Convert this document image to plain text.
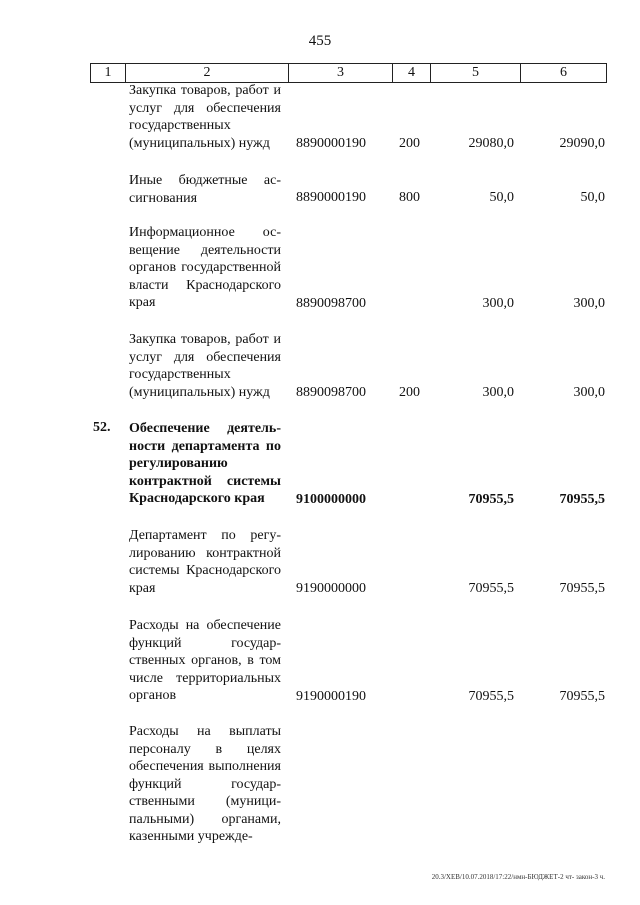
455
1	2	3	4	5	6
Закупка товаров, работ и услуг для обеспечения государственных (муниципальных) нужд	8890000190 200	29080,0	29090,0
Иные бюджетные ассигнования	8890000190 800	50,0	50,0
Информационное освещение деятельности органов государственной власти Краснодарского края	8890098700	300,0	300,0
Закупка товаров, работ и услуг для обеспечения государственных (муниципальных) нужд	8890098700 200	300,0	300,0
52.	Обеспечение деятельности департамента по регулированию контрактной системы Краснодарского края	9100000000	70955,5	70955,5
Департамент по регулированию контрактной системы Краснодарского края	9190000000	70955,5	70955,5
Расходы на обеспечение функций государственных органов, в том числе территориальных органов	9190000190	70955,5	70955,5
Расходы на выплаты персоналу в целях обеспечения выполнения функций государственными (муниципальными) органами, казенными учрежде-
20.3/XEB/10.07.2018/17:22/нмн-БЮДЖЕТ-2 чт- закон-3 ч.
